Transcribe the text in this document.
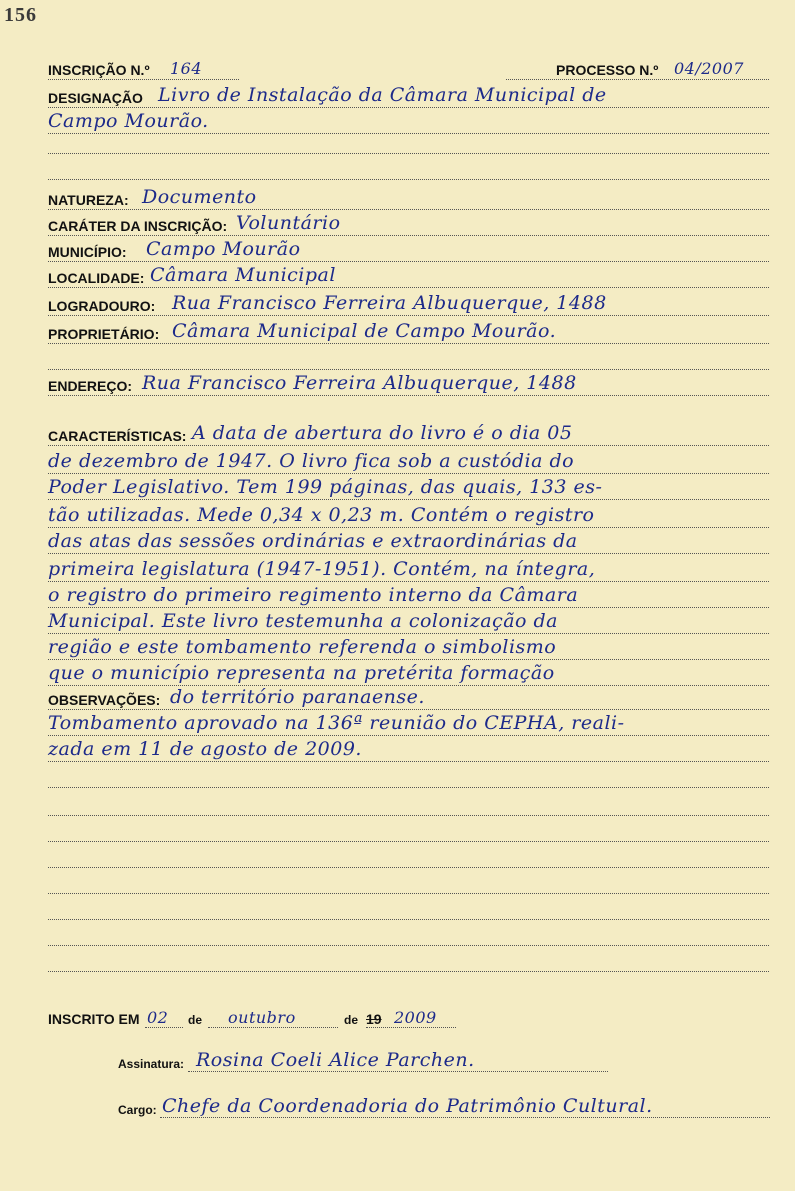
156
INSCRIÇÃO N.º 164	PROCESSO N.º 04/2007
DESIGNAÇÃO Livro de Instalação da Câmara Municipal de
Campo Mourão.
NATUREZA: Documento
CARÁTER DA INSCRIÇÃO: Voluntário
MUNICÍPIO: Campo Mourão
LOCALIDADE: Câmara Municipal
LOGRADOURO: Rua Francisco Ferreira Albuquerque, 1488
PROPRIETÁRIO: Câmara Municipal de Campo Mourão.
ENDEREÇO: Rua Francisco Ferreira Albuquerque, 1488
CARACTERÍSTICAS: A data de abertura do livro é o dia 05
de dezembro de 1947. O livro fica sob a custódia do
Poder Legislativo. Tem 199 páginas, das quais, 133 es-
tão utilizadas. Mede 0,34 x 0,23 m. Contém o registro
das atas das sessões ordinárias e extraordinárias da
primeira legislatura (1947-1951). Contém, na íntegra,
o registro do primeiro regimento interno da Câmara
Municipal. Este livro testemunha a colonização da
região e este tombamento referenda o simbolismo
que o município representa na pretérita formação
OBSERVAÇÕES: do território paranaense.
Tombamento aprovado na 136ª reunião do CEPHA, reali-
zada em 11 de agosto de 2009.
INSCRITO EM 02 de outubro	de 19 2009
Assinatura: Rosina Coeli Alice Parchen.
Cargo: Chefe da Coordenadoria do Patrimônio Cultural.
